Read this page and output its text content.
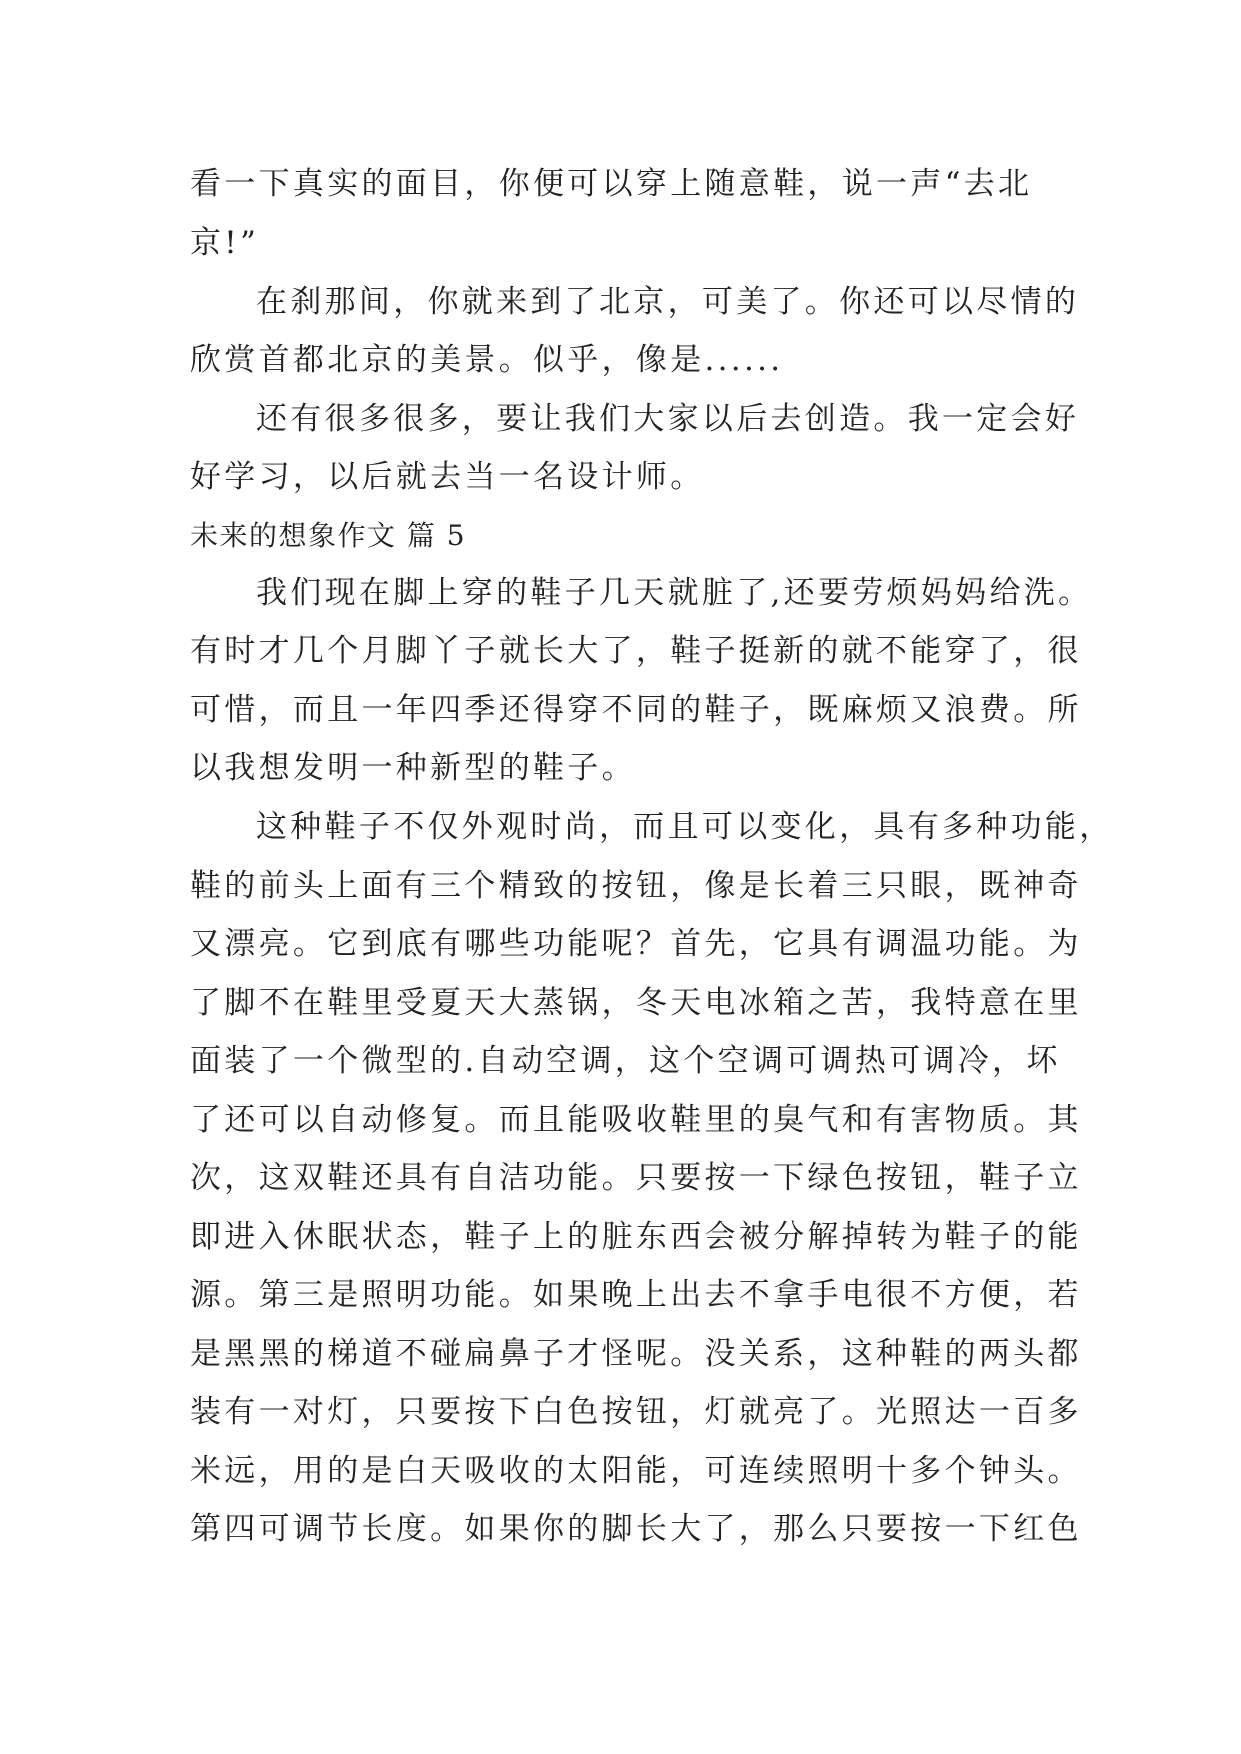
看一下真实的面目，你便可以穿上随意鞋，说一声“去北
京!”
在刹那间，你就来到了北京，可美了。你还可以尽情的
欣赏首都北京的美景。似乎，像是......
还有很多很多，要让我们大家以后去创造。我一定会好
好学习，以后就去当一名设计师。
未来的想象作文 篇 5
我们现在脚上穿的鞋子几天就脏了,还要劳烦妈妈给洗。
有时才几个月脚丫子就长大了，鞋子挺新的就不能穿了，很
可惜，而且一年四季还得穿不同的鞋子，既麻烦又浪费。所
以我想发明一种新型的鞋子。
这种鞋子不仅外观时尚，而且可以变化，具有多种功能，
鞋的前头上面有三个精致的按钮，像是长着三只眼，既神奇
又漂亮。它到底有哪些功能呢？首先，它具有调温功能。为
了脚不在鞋里受夏天大蒸锅，冬天电冰箱之苦，我特意在里
面装了一个微型的.自动空调，这个空调可调热可调冷，坏
了还可以自动修复。而且能吸收鞋里的臭气和有害物质。其
次，这双鞋还具有自洁功能。只要按一下绿色按钮，鞋子立
即进入休眠状态，鞋子上的脏东西会被分解掉转为鞋子的能
源。第三是照明功能。如果晚上出去不拿手电很不方便，若
是黑黑的梯道不碰扁鼻子才怪呢。没关系，这种鞋的两头都
装有一对灯，只要按下白色按钮，灯就亮了。光照达一百多
米远，用的是白天吸收的太阳能，可连续照明十多个钟头。
第四可调节长度。如果你的脚长大了，那么只要按一下红色
